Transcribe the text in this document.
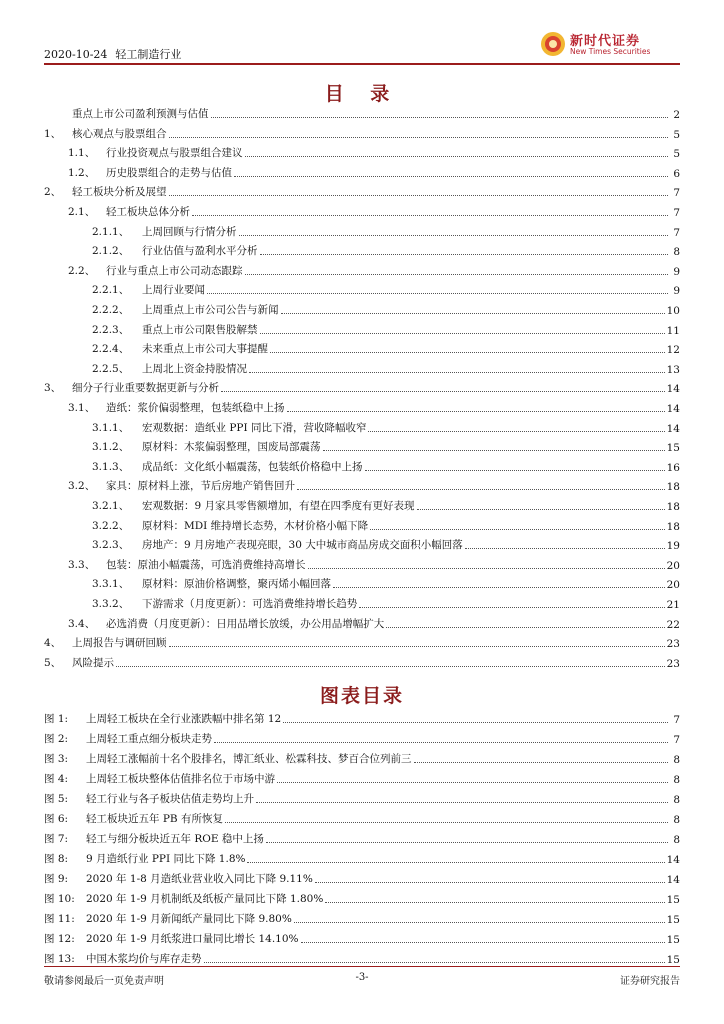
2020-10-24 轻工制造行业
新时代证券
New Times Securities
目 录
重点上市公司盈利预测与估值	2
1、	核心观点与股票组合	5
1.1、	行业投资观点与股票组合建议	5
1.2、	历史股票组合的走势与估值	6
2、	轻工板块分析及展望	7
2.1、	轻工板块总体分析	7
2.1.1、	上周回顾与行情分析	7
2.1.2、	行业估值与盈利水平分析	8
2.2、	行业与重点上市公司动态跟踪	9
2.2.1、	上周行业要闻	9
2.2.2、	上周重点上市公司公告与新闻	10
2.2.3、	重点上市公司限售股解禁	11
2.2.4、	未来重点上市公司大事提醒	12
2.2.5、	上周北上资金持股情况	13
3、	细分子行业重要数据更新与分析	14
3.1、	造纸：浆价偏弱整理，包装纸稳中上扬	14
3.1.1、	宏观数据：造纸业 PPI 同比下滑，营收降幅收窄	14
3.1.2、	原材料：木浆偏弱整理，国废局部震荡	15
3.1.3、	成品纸：文化纸小幅震荡，包装纸价格稳中上扬	16
3.2、	家具：原材料上涨，节后房地产销售回升	18
3.2.1、	宏观数据：9 月家具零售额增加，有望在四季度有更好表现	18
3.2.2、	原材料：MDI 维持增长态势，木材价格小幅下降	18
3.2.3、	房地产：9 月房地产表现亮眼，30 大中城市商品房成交面积小幅回落	19
3.3、	包装：原油小幅震荡，可选消费维持高增长	20
3.3.1、	原材料：原油价格调整，聚丙烯小幅回落	20
3.3.2、	下游需求（月度更新）：可选消费维持增长趋势	21
3.4、	必选消费（月度更新）：日用品增长放缓，办公用品增幅扩大	22
4、	上周报告与调研回顾	23
5、	风险提示	23
图表目录
图 1:	上周轻工板块在全行业涨跌幅中排名第 12	7
图 2:	上周轻工重点细分板块走势	7
图 3:	上周轻工涨幅前十名个股排名，博汇纸业、松霖科技、梦百合位列前三	8
图 4:	上周轻工板块整体估值排名位于市场中游	8
图 5:	轻工行业与各子板块估值走势均上升	8
图 6:	轻工板块近五年 PB 有所恢复	8
图 7:	轻工与细分板块近五年 ROE 稳中上扬	8
图 8:	9 月造纸行业 PPI 同比下降 1.8%	14
图 9:	2020 年 1-8 月造纸业营业收入同比下降 9.11%	14
图 10:	2020 年 1-9 月机制纸及纸板产量同比下降 1.80%	15
图 11:	2020 年 1-9 月新闻纸产量同比下降 9.80%	15
图 12:	2020 年 1-9 月纸浆进口量同比增长 14.10%	15
图 13:	中国木浆均价与库存走势	15
敬请参阅最后一页免责声明	-3-	证券研究报告
